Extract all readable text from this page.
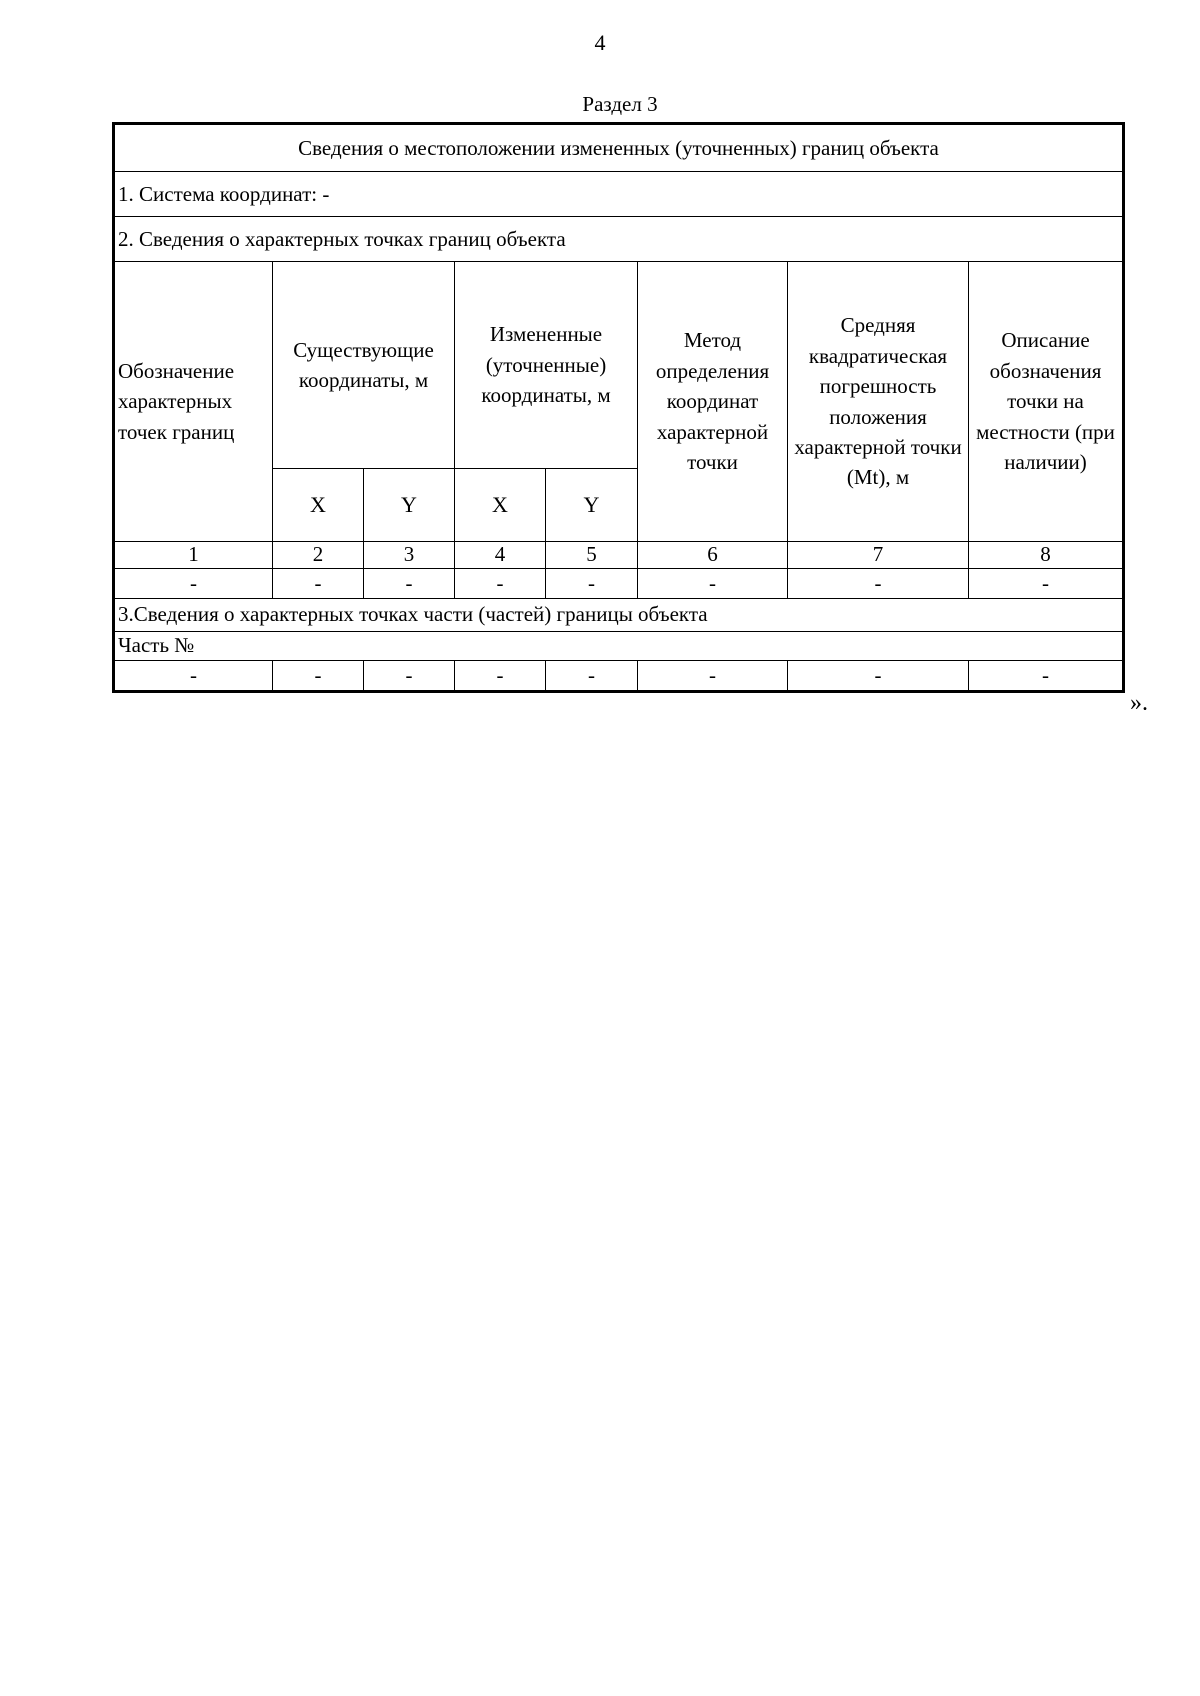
4
Раздел 3
Сведения о местоположении измененных (уточненных) границ объекта							
1. Система координат: -							
2. Сведения о характерных точках границ объекта							
Обозначение характерных точек границ	Существующие координаты, м		Измененные (уточненные) координаты, м		Метод определения координат характерной точки	Средняя квадратическая погрешность положения характерной точки (Mt), м	Описание обозначения точки на местности (при наличии)
	X	Y	X	Y			
1	2	3	4	5	6	7	8
-	-	-	-	-	-	-	-
3.Сведения о характерных точках части (частей) границы объекта							
Часть №							
-	-	-	-	-	-	-	-
».
